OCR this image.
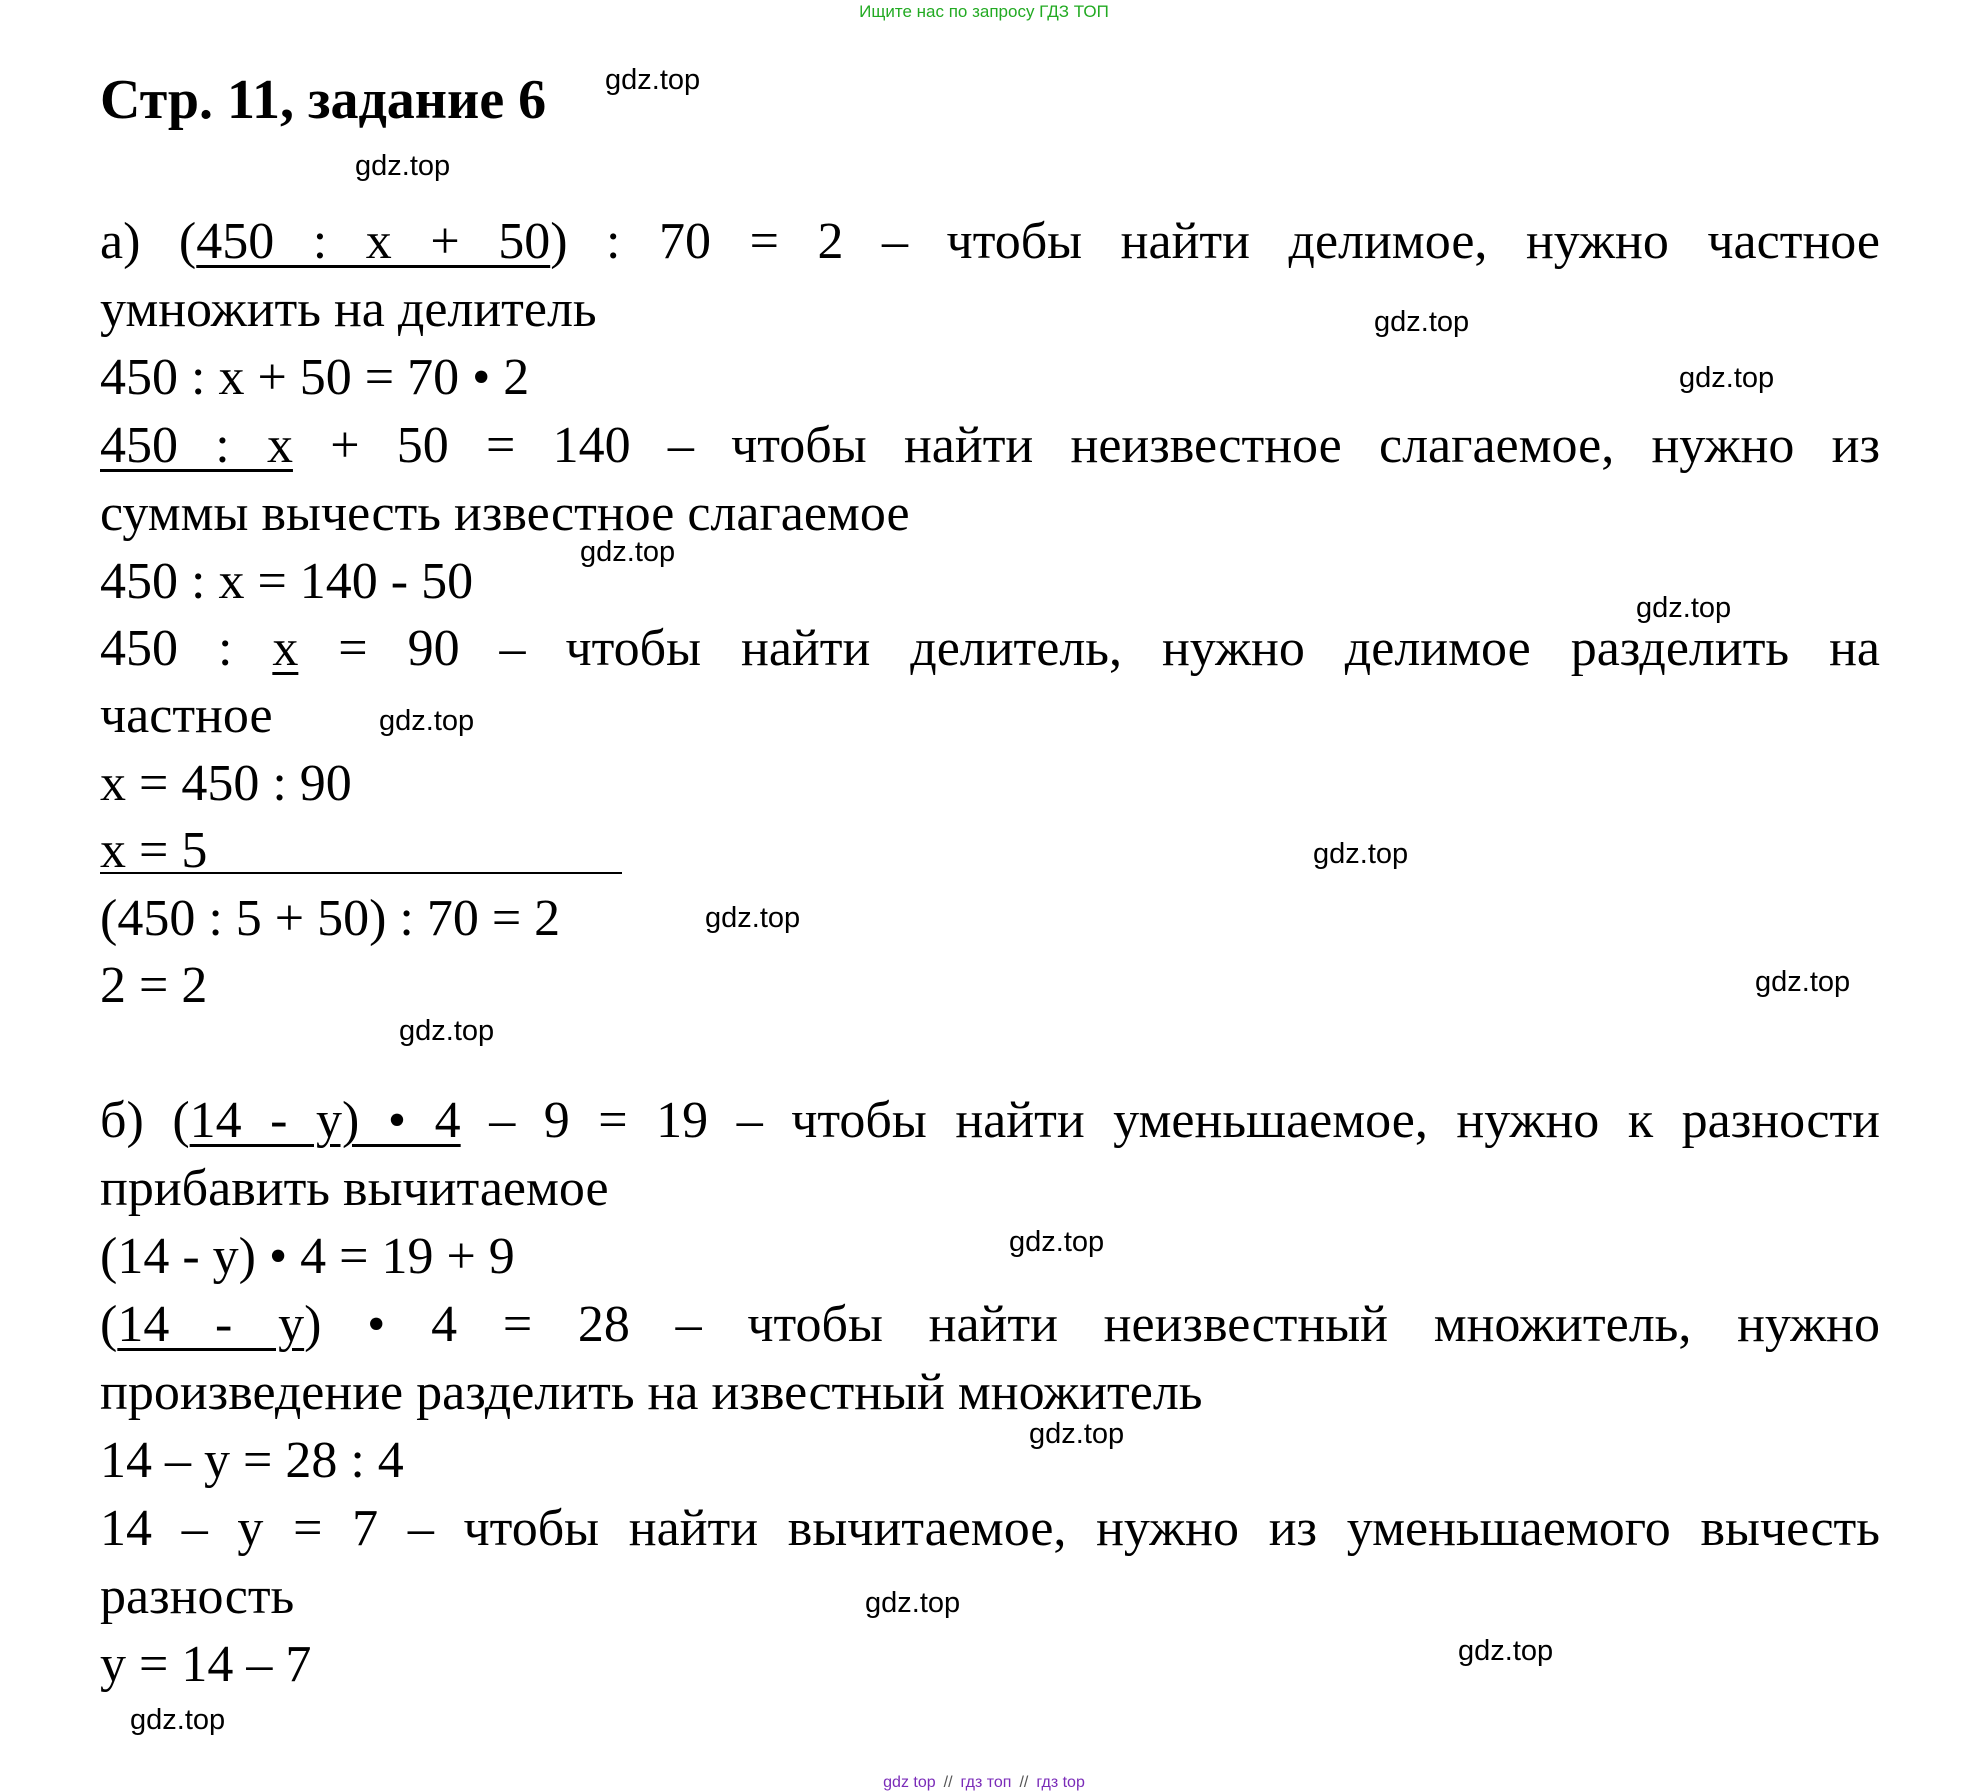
Ищите нас по запросу ГДЗ ТОП
Стр. 11, задание 6 gdz.top
gdz.top
gdz.top
gdz.top
gdz.top
gdz.top
gdz.top
gdz.top
gdz.top
gdz.top
gdz.top
gdz.top
gdz.top
gdz.top
gdz.top
gdz.top
а) (450 : x + 50) : 70 = 2 – чтобы найти делимое, нужно частное
умножить на делитель
450 : x + 50 = 70 • 2
450 : x + 50 = 140 – чтобы найти неизвестное слагаемое, нужно из
суммы вычесть известное слагаемое
450 : x = 140 - 50
450 : x = 90 – чтобы найти делитель, нужно делимое разделить на
частное
x = 450 : 90
x = 5
(450 : 5 + 50) : 70 = 2
2 = 2
б) (14 - y) • 4 – 9 = 19 – чтобы найти уменьшаемое, нужно к разности
прибавить вычитаемое
(14 - y) • 4 = 19 + 9
(14 - y) • 4 = 28 – чтобы найти неизвестный множитель, нужно
произведение разделить на известный множитель
14 – y = 28 : 4
14 – y = 7 – чтобы найти вычитаемое, нужно из уменьшаемого вычесть
разность
y = 14 – 7
gdz top // гдз топ // гдз top
